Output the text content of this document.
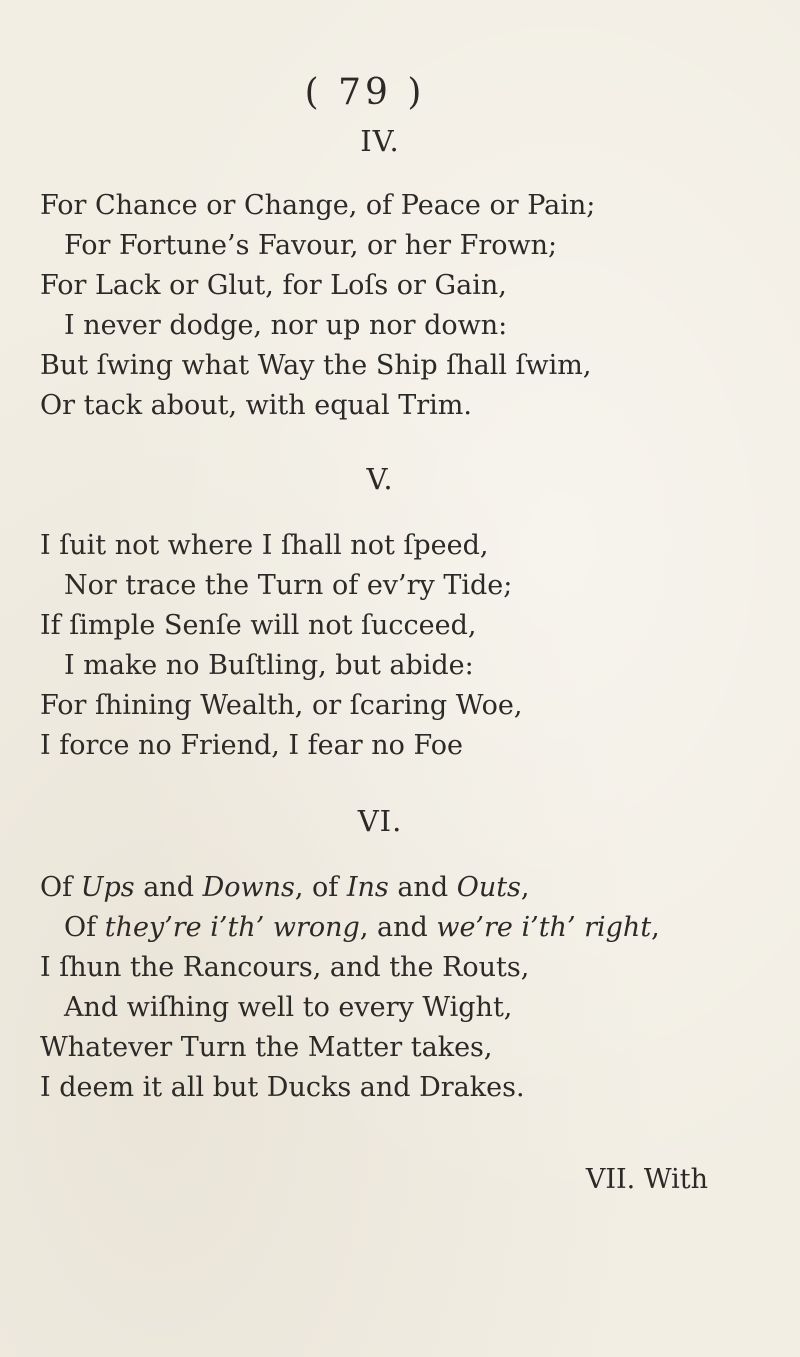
( 79 )
IV.
For Chance or Change, of Peace or Pain;
For Fortune’s Favour, or her Frown;
For Lack or Glut, for Loſs or Gain,
I never dodge, nor up nor down:
But ſwing what Way the Ship ſhall ſwim,
Or tack about, with equal Trim.
V.
I ſuit not where I ſhall not ſpeed,
Nor trace the Turn of ev’ry Tide;
If ſimple Senſe will not ſucceed,
I make no Buſtling, but abide:
For ſhining Wealth, or ſcaring Woe,
I force no Friend, I fear no Foe
VI.
Of Ups and Downs, of Ins and Outs,
Of they’re i’th’ wrong, and we’re i’th’ right,
I ſhun the Rancours, and the Routs,
And wiſhing well to every Wight,
Whatever Turn the Matter takes,
I deem it all but Ducks and Drakes.
VII. With
